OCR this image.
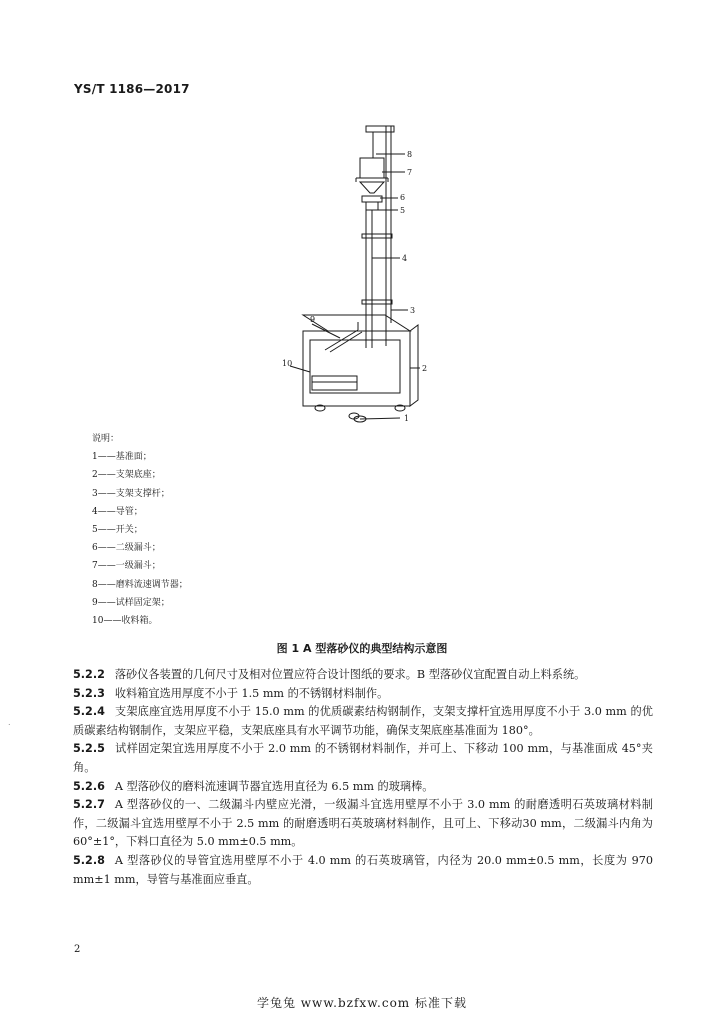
YS/T 1186—2017
8
7
6
5
4
3
9
2
10
1
说明：
1——基准面；
2——支架底座；
3——支架支撑杆；
4——导管；
5——开关；
6——二级漏斗；
7——一级漏斗；
8——磨料流速调节器；
9——试样固定架；
10——收料箱。
图 1 A 型落砂仪的典型结构示意图

5.2.2 落砂仪各装置的几何尺寸及相对位置应符合设计图纸的要求。B 型落砂仪宜配置自动上料系统。

5.2.3 收料箱宜选用厚度不小于 1.5 mm 的不锈钢材料制作。

5.2.4 支架底座宜选用厚度不小于 15.0 mm 的优质碳素结构钢制作，支架支撑杆宜选用厚度不小于 3.0 mm 的优质碳素结构钢制作，支架应平稳，支架底座具有水平调节功能，确保支架底座基准面为 180°。

5.2.5 试样固定架宜选用厚度不小于 2.0 mm 的不锈钢材料制作，并可上、下移动 100 mm，与基准面成 45°夹角。

5.2.6 A 型落砂仪的磨料流速调节器宜选用直径为 6.5 mm 的玻璃棒。

5.2.7 A 型落砂仪的一、二级漏斗内壁应光滑，一级漏斗宜选用壁厚不小于 3.0 mm 的耐磨透明石英玻璃材料制作，二级漏斗宜选用壁厚不小于 2.5 mm 的耐磨透明石英玻璃材料制作，且可上、下移动30 mm，二级漏斗内角为 60°±1°，下料口直径为 5.0 mm±0.5 mm。

5.2.8 A 型落砂仪的导管宜选用壁厚不小于 4.0 mm 的石英玻璃管，内径为 20.0 mm±0.5 mm，长度为 970 mm±1 mm，导管与基准面应垂直。

2
.
学兔兔 www.bzfxw.com 标准下载
